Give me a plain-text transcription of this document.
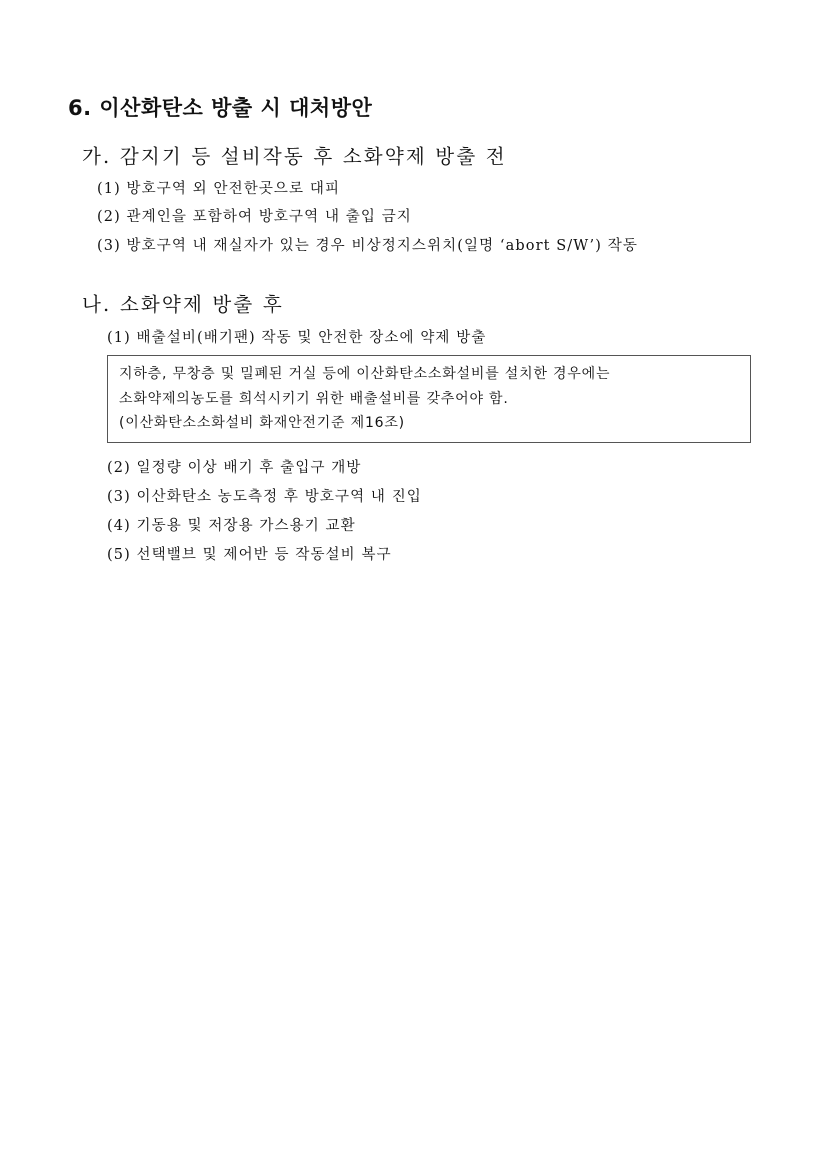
6. 이산화탄소 방출 시 대처방안
가. 감지기 등 설비작동 후 소화약제 방출 전
(1) 방호구역 외 안전한곳으로 대피
(2) 관계인을 포함하여 방호구역 내 출입 금지
(3) 방호구역 내 재실자가 있는 경우 비상정지스위치(일명 ‘abort S/W’) 작동
나. 소화약제 방출 후
(1) 배출설비(배기팬) 작동 및 안전한 장소에 약제 방출
지하층, 무창층 및 밀폐된 거실 등에 이산화탄소소화설비를 설치한 경우에는
소화약제의농도를 희석시키기 위한 배출설비를 갖추어야 함.
(이산화탄소소화설비 화재안전기준 제16조)
(2) 일정량 이상 배기 후 출입구 개방
(3) 이산화탄소 농도측정 후 방호구역 내 진입
(4) 기동용 및 저장용 가스용기 교환
(5) 선택밸브 및 제어반 등 작동설비 복구
